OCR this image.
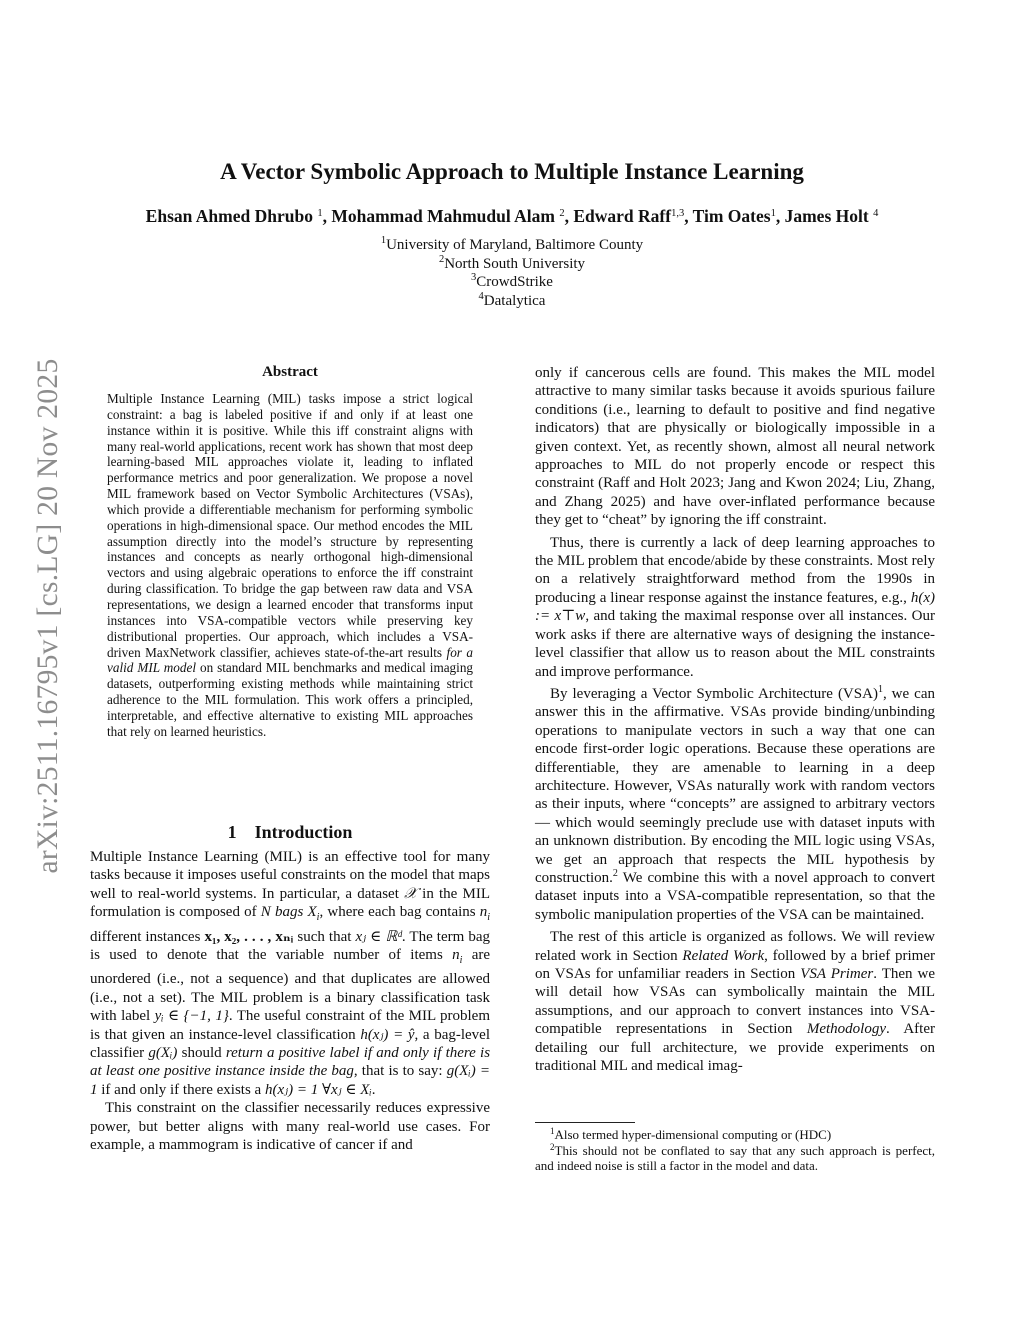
arXiv:2511.16795v1 [cs.LG] 20 Nov 2025
A Vector Symbolic Approach to Multiple Instance Learning
Ehsan Ahmed Dhrubo $^1$, Mohammad Mahmudul Alam $^2$, Edward Raff$^{1,3}$, Tim Oates$^1$, James Holt $^4$
$^1$University of Maryland, Baltimore County
$^2$North South University
$^3$CrowdStrike
$^4$Datalytica
Abstract
Multiple Instance Learning (MIL) tasks impose a strict logical constraint: a bag is labeled positive if and only if at least one instance within it is positive. While this iff constraint aligns with many real-world applications, recent work has shown that most deep learning-based MIL approaches violate it, leading to inflated performance metrics and poor generalization. We propose a novel MIL framework based on Vector Symbolic Architectures (VSAs), which provide a differentiable mechanism for performing symbolic operations in high-dimensional space. Our method encodes the MIL assumption directly into the model’s structure by representing instances and concepts as nearly orthogonal high-dimensional vectors and using algebraic operations to enforce the iff constraint during classification. To bridge the gap between raw data and VSA representations, we design a learned encoder that transforms input instances into VSA-compatible vectors while preserving key distributional properties. Our approach, which includes a VSA-driven MaxNetwork classifier, achieves state-of-the-art results for a valid MIL model on standard MIL benchmarks and medical imaging datasets, outperforming existing methods while maintaining strict adherence to the MIL formulation. This work offers a principled, interpretable, and effective alternative to existing MIL approaches that rely on learned heuristics.
1 Introduction

Multiple Instance Learning (MIL) is an effective tool for many tasks because it imposes useful constraints on the model that maps well to real-world systems. In particular, a dataset 𝒳 in the MIL formulation is composed of N bags $X_i$, where each bag contains $n_i$ different instances x₁, x₂, . . . , xₙᵢ such that xⱼ ∈ ℝᵈ. The term bag is used to denote that the variable number of items $n_i$ are unordered (i.e., not a sequence) and that duplicates are allowed (i.e., not a set). The MIL problem is a binary classification task with label yᵢ ∈ {−1, 1}. The useful constraint of the MIL problem is that given an instance-level classification h(xⱼ) = ŷ, a bag-level classifier g(Xᵢ) should return a positive label if and only if there is at least one positive instance inside the bag, that is to say: g(Xᵢ) = 1 if and only if there exists a h(xⱼ) = 1 ∀xⱼ ∈ Xᵢ.

This constraint on the classifier necessarily reduces expressive power, but better aligns with many real-world use cases. For example, a mammogram is indicative of cancer if and

only if cancerous cells are found. This makes the MIL model attractive to many similar tasks because it avoids spurious failure conditions (i.e., learning to default to positive and find negative indicators) that are physically or biologically impossible in a given context. Yet, as recently shown, almost all neural network approaches to MIL do not properly encode or respect this constraint (Raff and Holt 2023; Jang and Kwon 2024; Liu, Zhang, and Zhang 2025) and have over-inflated performance because they get to “cheat” by ignoring the iff constraint.

Thus, there is currently a lack of deep learning approaches to the MIL problem that encode/abide by these constraints. Most rely on a relatively straightforward method from the 1990s in producing a linear response against the instance features, e.g., h(x) := x⊤w, and taking the maximal response over all instances. Our work asks if there are alternative ways of designing the instance-level classifier that allow us to reason about the MIL constraints and improve performance.

By leveraging a Vector Symbolic Architecture (VSA)$^1$, we can answer this in the affirmative. VSAs provide binding/unbinding operations to manipulate vectors in such a way that one can encode first-order logic operations. Because these operations are differentiable, they are amenable to learning in a deep architecture. However, VSAs naturally work with random vectors as their inputs, where “concepts” are assigned to arbitrary vectors — which would seemingly preclude use with dataset inputs with an unknown distribution. By encoding the MIL logic using VSAs, we get an approach that respects the MIL hypothesis by construction.$^2$ We combine this with a novel approach to convert dataset inputs into a VSA-compatible representation, so that the symbolic manipulation properties of the VSA can be maintained.

The rest of this article is organized as follows. We will review related work in Section Related Work, followed by a brief primer on VSAs for unfamiliar readers in Section VSA Primer. Then we will detail how VSAs can symbolically maintain the MIL assumptions, and our approach to convert instances into VSA-compatible representations in Section Methodology. After detailing our full architecture, we provide experiments on traditional MIL and medical imag-

$^1$Also termed hyper-dimensional computing or (HDC)

$^2$This should not be conflated to say that any such approach is perfect, and indeed noise is still a factor in the model and data.
